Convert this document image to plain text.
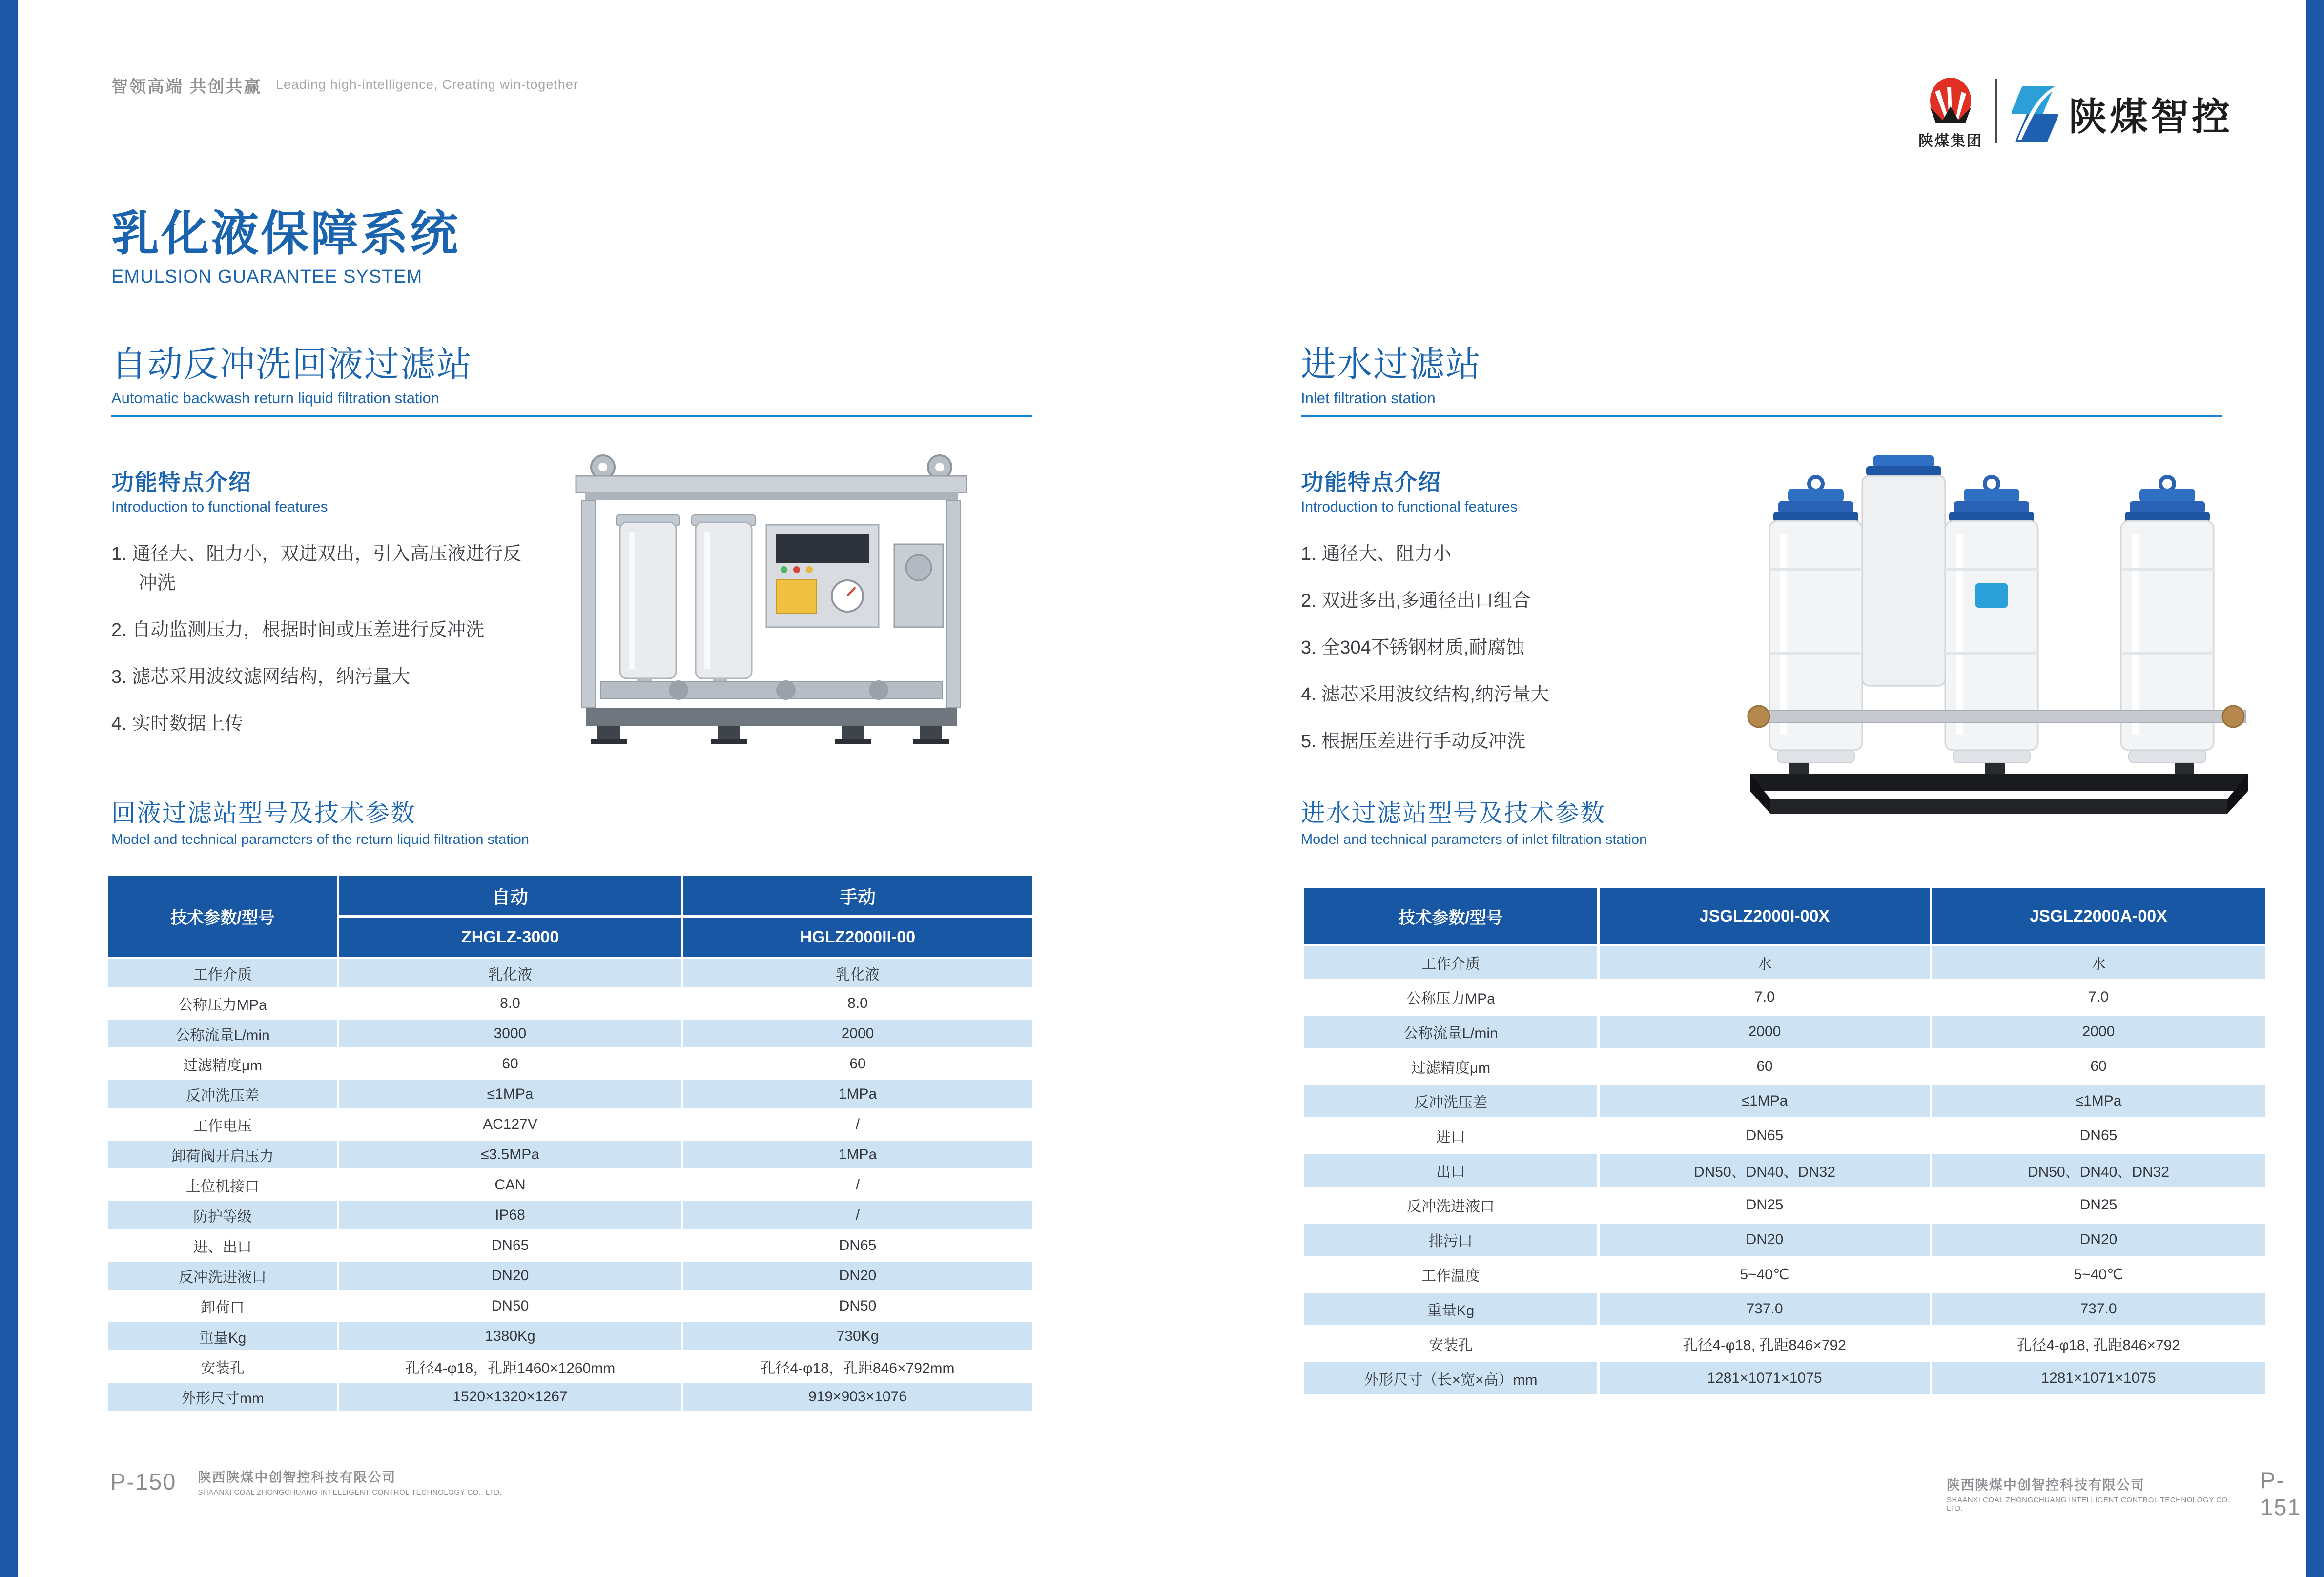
智领高端 共创共赢 Leading high-intelligence, Creating win-together
陕煤集团
陕煤智控
乳化液保障系统
EMULSION GUARANTEE SYSTEM
自动反冲洗回液过滤站
Automatic backwash return liquid filtration station
功能特点介绍
Introduction to functional features
1. 通径大、阻力小，双进双出，引入高压液进行反冲洗
2. 自动监测压力，根据时间或压差进行反冲洗
3. 滤芯采用波纹滤网结构，纳污量大
4. 实时数据上传
回液过滤站型号及技术参数
Model and technical parameters of the return liquid filtration station
技术参数/型号
自动	手动
ZHGLZ-3000	HGLZ2000II-00
工作介质	乳化液	乳化液
公称压力MPa	8.0	8.0
公称流量L/min	3000	2000
过滤精度μm	60	60
反冲洗压差	≤1MPa	1MPa
工作电压	AC127V	/
卸荷阀开启压力	≤3.5MPa	1MPa
上位机接口	CAN	/
防护等级	IP68	/
进、出口	DN65	DN65
反冲洗进液口	DN20	DN20
卸荷口	DN50	DN50
重量Kg	1380Kg	730Kg
安装孔	孔径4-φ18，孔距1460×1260mm	孔径4-φ18，孔距846×792mm
外形尺寸mm	1520×1320×1267	919×903×1076
进水过滤站
Inlet filtration station
功能特点介绍
Introduction to functional features
1. 通径大、阻力小
2. 双进多出,多通径出口组合
3. 全304不锈钢材质,耐腐蚀
4. 滤芯采用波纹结构,纳污量大
5. 根据压差进行手动反冲洗
进水过滤站型号及技术参数
Model and technical parameters of inlet filtration station
技术参数/型号	JSGLZ2000I-00X	JSGLZ2000A-00X
工作介质	水	水
公称压力MPa	7.0	7.0
公称流量L/min	2000	2000
过滤精度μm	60	60
反冲洗压差	≤1MPa	≤1MPa
进口	DN65	DN65
出口	DN50、DN40、DN32	DN50、DN40、DN32
反冲洗进液口	DN25	DN25
排污口	DN20	DN20
工作温度	5~40℃	5~40℃
重量Kg	737.0	737.0
安装孔	孔径4-φ18, 孔距846×792	孔径4-φ18, 孔距846×792
外形尺寸（长×宽×高）mm	1281×1071×1075	1281×1071×1075
P-150 陕西陕煤中创智控科技有限公司
SHAANXI COAL ZHONGCHUANG INTELLIGENT CONTROL TECHNOLOGY CO., LTD.	陕西陕煤中创智控科技有限公司
SHAANXI COAL ZHONGCHUANG INTELLIGENT CONTROL TECHNOLOGY CO., LTD.
P-151
